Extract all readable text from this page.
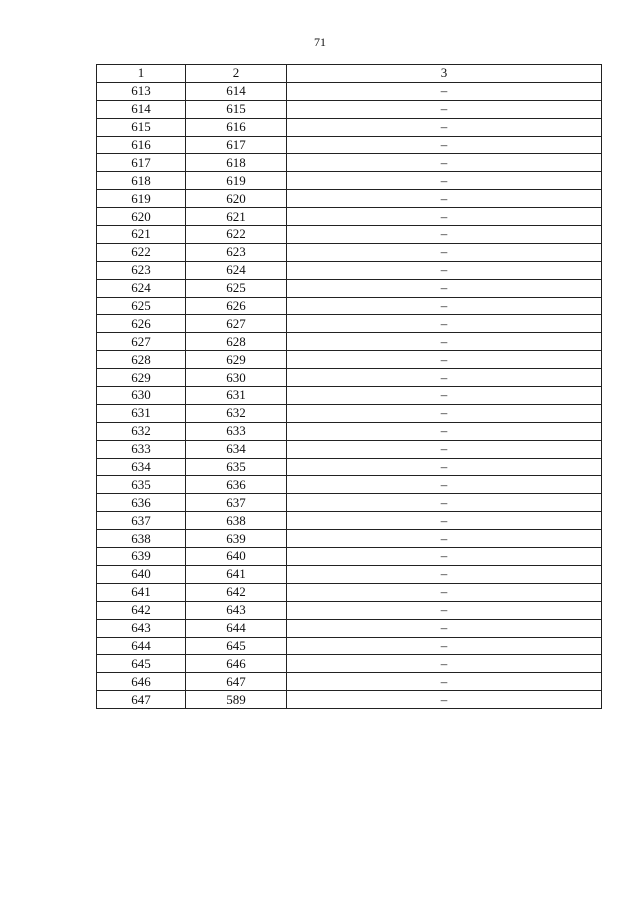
71
1	2	3
613	614	–
614	615	–
615	616	–
616	617	–
617	618	–
618	619	–
619	620	–
620	621	–
621	622	–
622	623	–
623	624	–
624	625	–
625	626	–
626	627	–
627	628	–
628	629	–
629	630	–
630	631	–
631	632	–
632	633	–
633	634	–
634	635	–
635	636	–
636	637	–
637	638	–
638	639	–
639	640	–
640	641	–
641	642	–
642	643	–
643	644	–
644	645	–
645	646	–
646	647	–
647	589	–
